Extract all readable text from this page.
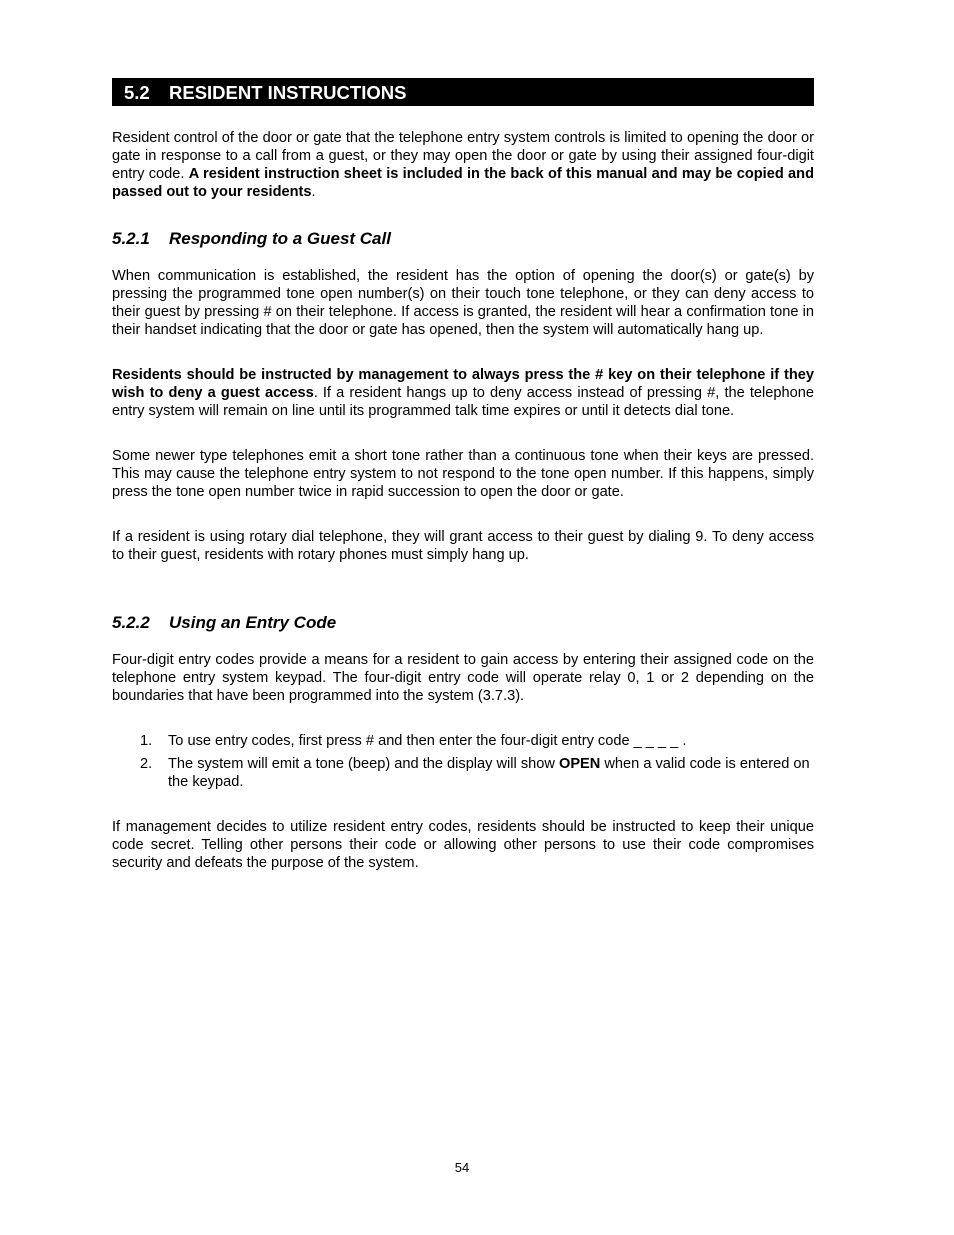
5.2 RESIDENT INSTRUCTIONS

Resident control of the door or gate that the telephone entry system controls is limited to opening the door or gate in response to a call from a guest, or they may open the door or gate by using their assigned four-digit entry code. A resident instruction sheet is included in the back of this manual and may be copied and passed out to your residents.

5.2.1 Responding to a Guest Call

When communication is established, the resident has the option of opening the door(s) or gate(s) by pressing the programmed tone open number(s) on their touch tone telephone, or they can deny access to their guest by pressing # on their telephone. If access is granted, the resident will hear a confirmation tone in their handset indicating that the door or gate has opened, then the system will automatically hang up.

Residents should be instructed by management to always press the # key on their telephone if they wish to deny a guest access. If a resident hangs up to deny access instead of pressing #, the telephone entry system will remain on line until its programmed talk time expires or until it detects dial tone.

Some newer type telephones emit a short tone rather than a continuous tone when their keys are pressed. This may cause the telephone entry system to not respond to the tone open number. If this happens, simply press the tone open number twice in rapid succession to open the door or gate.

If a resident is using rotary dial telephone, they will grant access to their guest by dialing 9. To deny access to their guest, residents with rotary phones must simply hang up.

5.2.2 Using an Entry Code

Four-digit entry codes provide a means for a resident to gain access by entering their assigned code on the telephone entry system keypad. The four-digit entry code will operate relay 0, 1 or 2 depending on the boundaries that have been programmed into the system (3.7.3).

1. To use entry codes, first press # and then enter the four-digit entry code _ _ _ _ .
2. The system will emit a tone (beep) and the display will show OPEN when a valid code is entered on the keypad.

If management decides to utilize resident entry codes, residents should be instructed to keep their unique code secret. Telling other persons their code or allowing other persons to use their code compromises security and defeats the purpose of the system.

54
